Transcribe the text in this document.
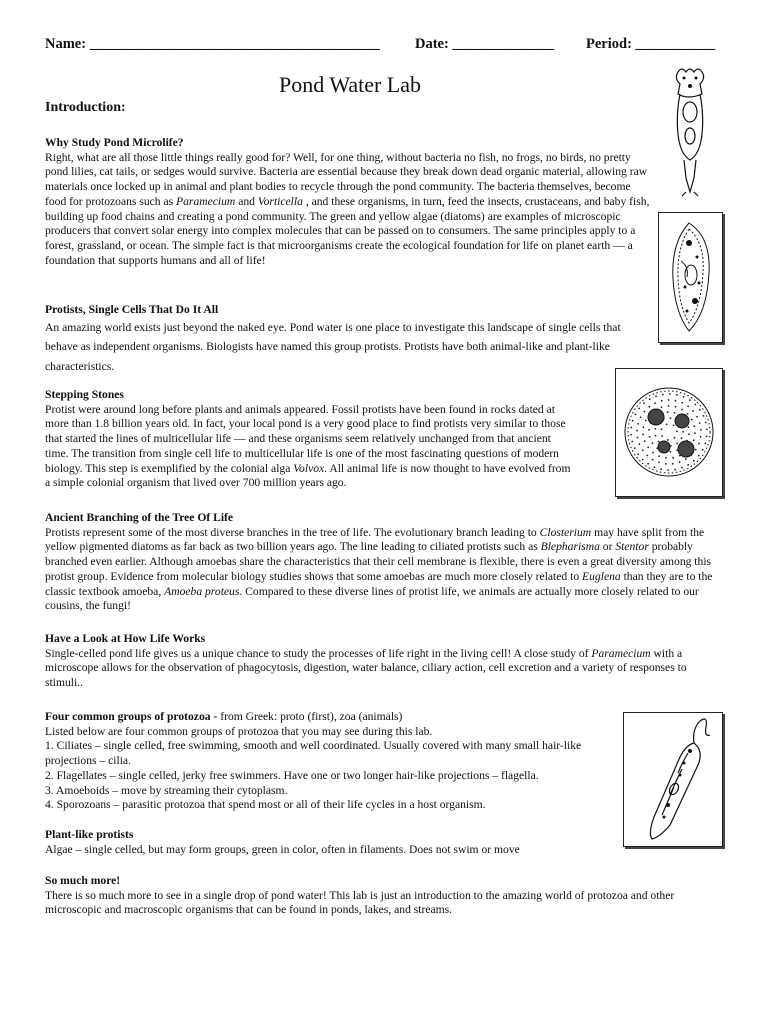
Name: ________________________________________ Date: ______________ Period: ___________
Pond Water Lab
Introduction:
Why Study Pond Microlife?

Right, what are all those little things really good for? Well, for one thing, without bacteria no fish, no frogs, no birds, no pretty pond lilies, cat tails, or sedges would survive. Bacteria are essential because they break down dead organic material, allowing raw materials once locked up in animal and plant bodies to recycle through the pond community. The bacteria themselves, become food for protozoans such as Paramecium and Vorticella , and these organisms, in turn, feed the insects, crustaceans, and baby fish, building up food chains and creating a pond community. The green and yellow algae (diatoms) are examples of microscopic producers that convert solar energy into complex molecules that can be passed on to consumers. The same principles apply to a forest, grassland, or ocean. The simple fact is that microorganisms create the ecological foundation for life on planet earth — a foundation that supports humans and all of life!

Protists, Single Cells That Do It All

An amazing world exists just beyond the naked eye. Pond water is one place to investigate this landscape of single cells that behave as independent organisms. Biologists have named this group protists. Protists have both animal-like and plant-like characteristics.

Stepping Stones

Protist were around long before plants and animals appeared. Fossil protists have been found in rocks dated at more than 1.8 billion years old. In fact, your local pond is a very good place to find protists very similar to those that started the lines of multicellular life — and these organisms seem relatively unchanged from that ancient time. The transition from single cell life to multicellular life is one of the most fascinating questions of modern biology. This step is exemplified by the colonial alga Volvox. All animal life is now thought to have evolved from a simple colonial organism that lived over 700 million years ago.

Ancient Branching of the Tree Of Life

Protists represent some of the most diverse branches in the tree of life. The evolutionary branch leading to Closterium may have split from the yellow pigmented diatoms as far back as two billion years ago. The line leading to ciliated protists such as Blepharisma or Stentor probably branched even earlier. Although amoebas share the characteristics that their cell membrane is flexible, there is even a great diversity among this protist group. Evidence from molecular biology studies shows that some amoebas are much more closely related to Euglena than they are to the classic textbook amoeba, Amoeba proteus. Compared to these diverse lines of protist life, we animals are actually more closely related to our cousins, the fungi!

Have a Look at How Life Works

Single-celled pond life gives us a unique chance to study the processes of life right in the living cell! A close study of Paramecium with a microscope allows for the observation of phagocytosis, digestion, water balance, ciliary action, cell excretion and a variety of responses to stimuli..

Four common groups of protozoa - from Greek: proto (first), zoa (animals)

Listed below are four common groups of protozoa that you may see during this lab.

1. Ciliates – single celled, free swimming, smooth and well coordinated. Usually covered with many small hair-like projections – cilia.
2. Flagellates – single celled, jerky free swimmers. Have one or two longer hair-like projections – flagella.
3. Amoeboids – move by streaming their cytoplasm.
4. Sporozoans – parasitic protozoa that spend most or all of their life cycles in a host organism.
Plant-like protists

Algae – single celled, but may form groups, green in color, often in filaments. Does not swim or move

So much more!

There is so much more to see in a single drop of pond water! This lab is just an introduction to the amazing world of protozoa and other microscopic and macroscopic organisms that can be found in ponds, lakes, and streams.
